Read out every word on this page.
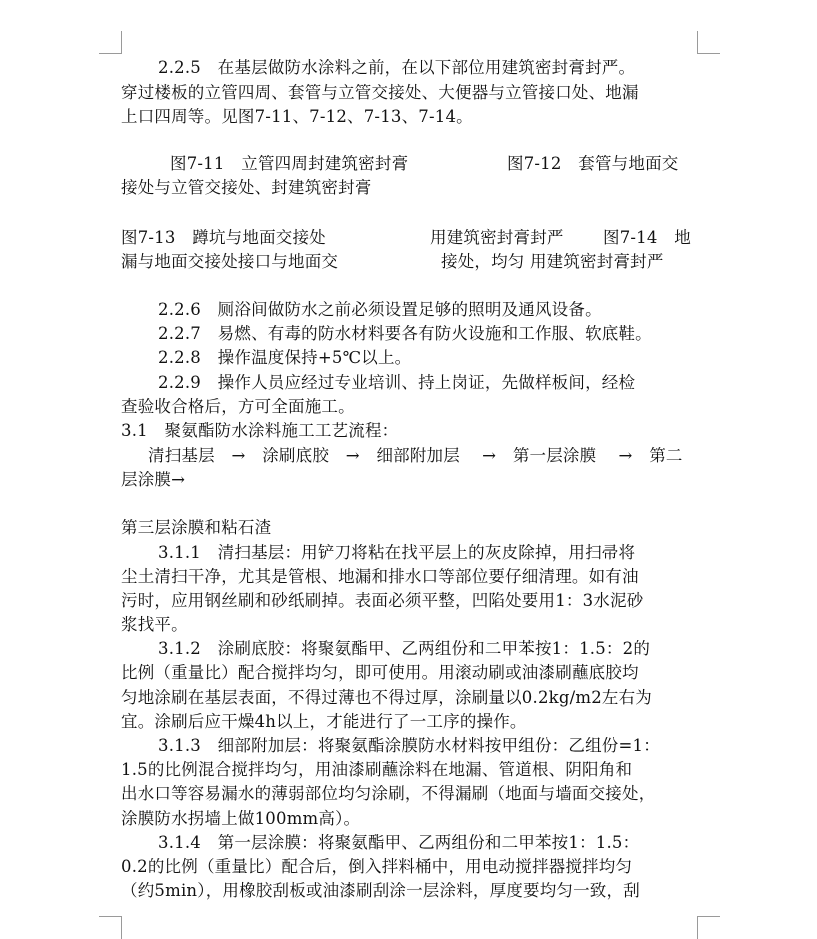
2.2.5　在基层做防水涂料之前，在以下部位用建筑密封膏封严。
穿过楼板的立管四周、套管与立管交接处、大便器与立管接口处、地漏
上口四周等。见图7-11、7-12、7-13、7-14。
图7-11　立管四周封建筑密封膏	图7-12　套管与地面交
接处与立管交接处、封建筑密封膏
图7-13　蹲坑与地面交接处	用建筑密封膏封严 图7-14　地
漏与地面交接处接口与地面交	接处，均匀 用建筑密封膏封严
2.2.6　厕浴间做防水之前必须设置足够的照明及通风设备。
2.2.7　易燃、有毒的防水材料要各有防火设施和工作服、软底鞋。
2.2.8　操作温度保持+5℃以上。
2.2.9　操作人员应经过专业培训、持上岗证，先做样板间，经检
查验收合格后，方可全面施工。
3.1　聚氨酯防水涂料施工工艺流程：
清扫基层　→　涂刷底胶　→　细部附加层　 →　第一层涂膜　 →　第二
层涂膜→
第三层涂膜和粘石渣
3.1.1　清扫基层：用铲刀将粘在找平层上的灰皮除掉，用扫帚将
尘土清扫干净，尤其是管根、地漏和排水口等部位要仔细清理。如有油
污时，应用钢丝刷和砂纸刷掉。表面必须平整，凹陷处要用1：3水泥砂
浆找平。
3.1.2　涂刷底胶：将聚氨酯甲、乙两组份和二甲苯按1：1.5：2的
比例（重量比）配合搅拌均匀，即可使用。用滚动刷或油漆刷蘸底胶均
匀地涂刷在基层表面，不得过薄也不得过厚，涂刷量以0.2kg/m2左右为
宜。涂刷后应干燥4h以上，才能进行了一工序的操作。
3.1.3　细部附加层：将聚氨酯涂膜防水材料按甲组份：乙组份=1：
1.5的比例混合搅拌均匀，用油漆刷蘸涂料在地漏、管道根、阴阳角和
出水口等容易漏水的薄弱部位均匀涂刷，不得漏刷（地面与墙面交接处，
涂膜防水拐墙上做100mm高）。
3.1.4　第一层涂膜：将聚氨酯甲、乙两组份和二甲苯按1：1.5：
0.2的比例（重量比）配合后，倒入拌料桶中，用电动搅拌器搅拌均匀
（约5min），用橡胶刮板或油漆刷刮涂一层涂料，厚度要均匀一致，刮
